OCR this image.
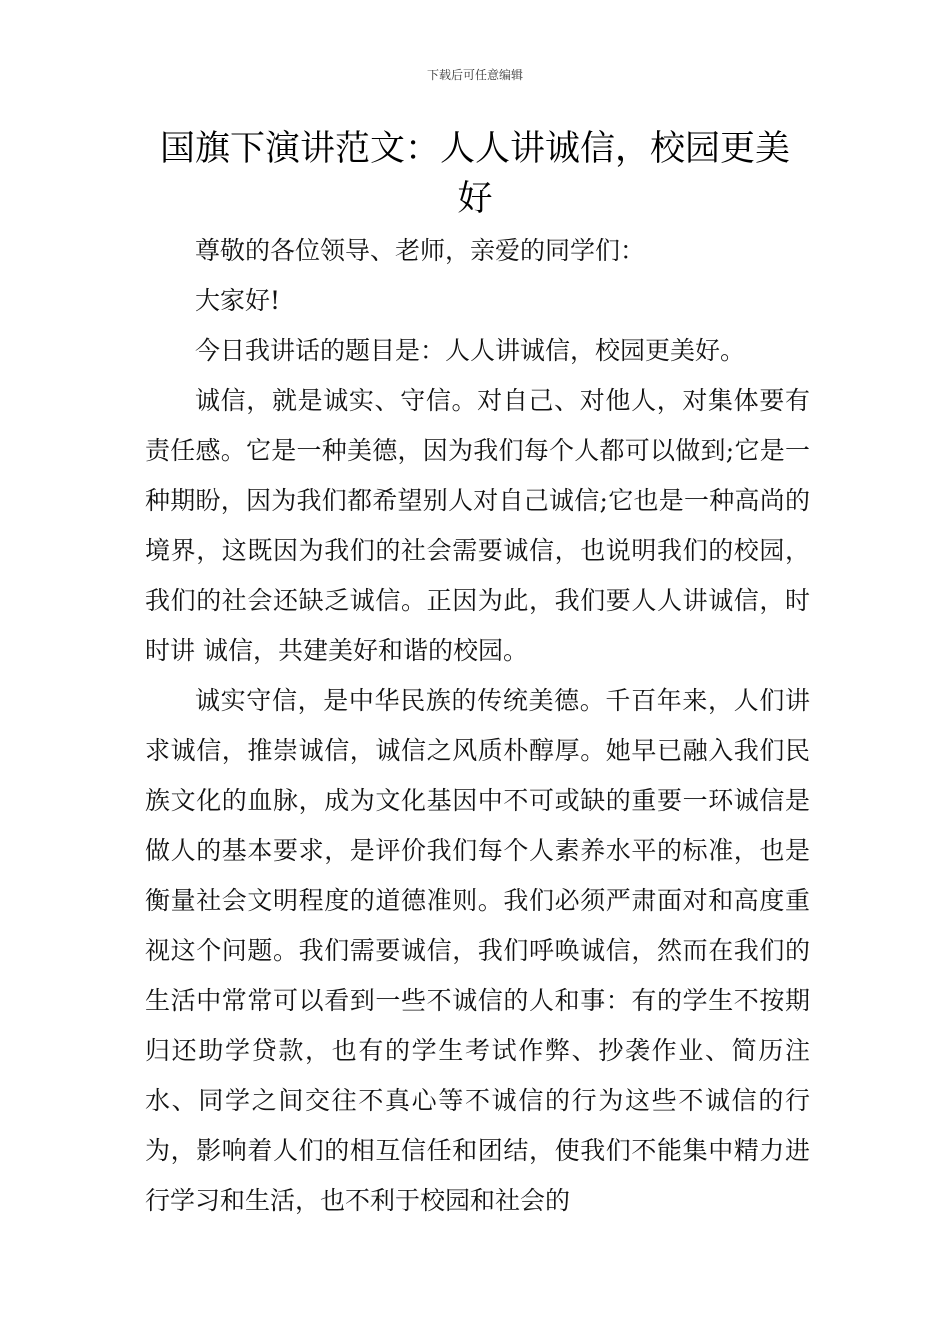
下载后可任意编辑
国旗下演讲范文：人人讲诚信，校园更美好

尊敬的各位领导、老师，亲爱的同学们：

大家好!

今日我讲话的题目是：人人讲诚信，校园更美好。

诚信，就是诚实、守信。对自己、对他人，对集体要有责任感。它是一种美德，因为我们每个人都可以做到;它是一种期盼，因为我们都希望别人对自己诚信;它也是一种高尚的境界，这既因为我们的社会需要诚信，也说明我们的校园，我们的社会还缺乏诚信。正因为此，我们要人人讲诚信，时时讲 诚信，共建美好和谐的校园。

诚实守信，是中华民族的传统美德。千百年来，人们讲求诚信，推崇诚信，诚信之风质朴醇厚。她早已融入我们民族文化的血脉，成为文化基因中不可或缺的重要一环诚信是做人的基本要求，是评价我们每个人素养水平的标准，也是衡量社会文明程度的道德准则。我们必须严肃面对和高度重视这个问题。我们需要诚信，我们呼唤诚信，然而在我们的生活中常常可以看到一些不诚信的人和事：有的学生不按期归还助学贷款，也有的学生考试作弊、抄袭作业、简历注水、同学之间交往不真心等不诚信的行为这些不诚信的行为，影响着人们的相互信任和团结，使我们不能集中精力进行学习和生活，也不利于校园和社会的
